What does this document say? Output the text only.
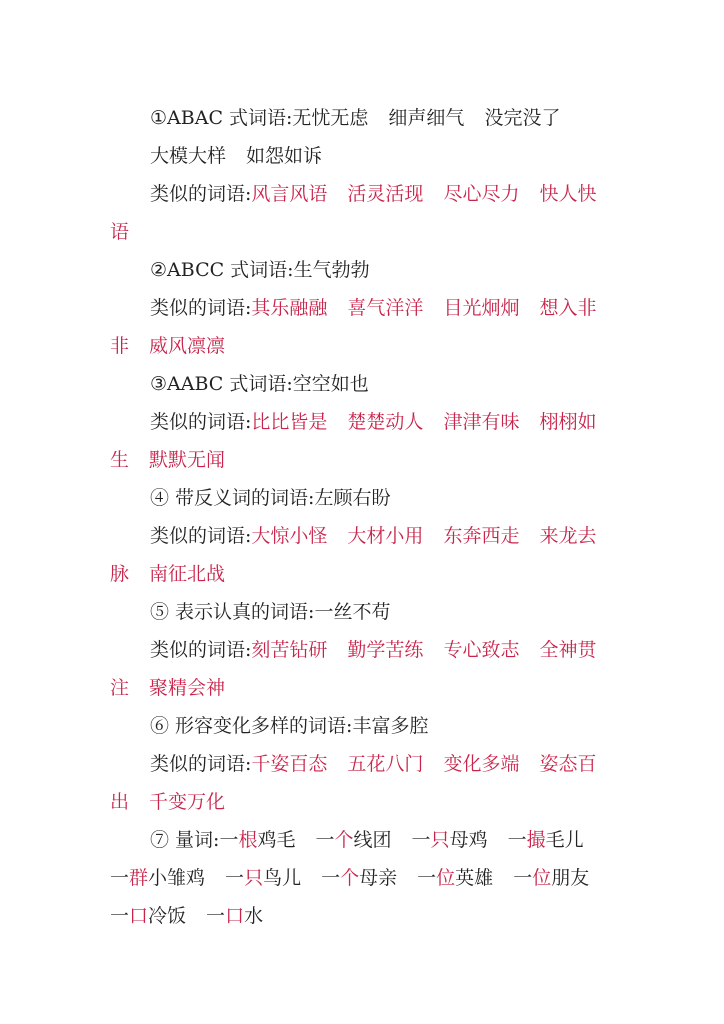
①ABAC 式词语:无忧无虑 细声细气 没完没了
大模大样 如怨如诉
类似的词语:风言风语 活灵活现 尽心尽力 快人快
语
②ABCC 式词语:生气勃勃
类似的词语:其乐融融 喜气洋洋 目光炯炯 想入非
非 威风凛凛
③AABC 式词语:空空如也
类似的词语:比比皆是 楚楚动人 津津有味 栩栩如
生 默默无闻
④ 带反义词的词语:左顾右盼
类似的词语:大惊小怪 大材小用 东奔西走 来龙去
脉 南征北战
⑤ 表示认真的词语:一丝不苟
类似的词语:刻苦钻研 勤学苦练 专心致志 全神贯
注 聚精会神
⑥ 形容变化多样的词语:丰富多腔
类似的词语:千姿百态 五花八门 变化多端 姿态百
出 千变万化
⑦ 量词:一根鸡毛 一个线团 一只母鸡 一撮毛儿
一群小雏鸡 一只鸟儿 一个母亲 一位英雄 一位朋友
一口冷饭 一口水
